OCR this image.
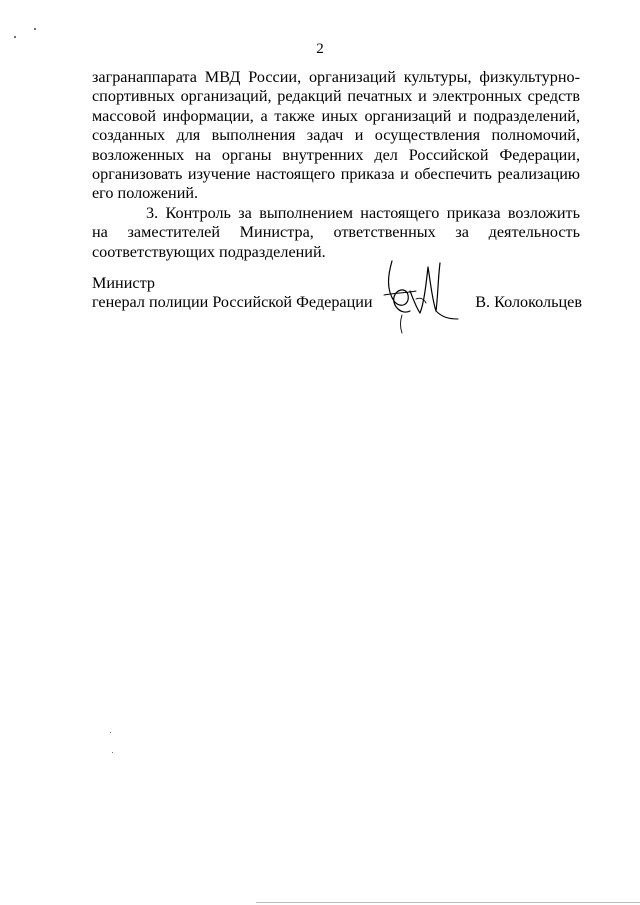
2

загранаппарата МВД России, организаций культуры, физкультурно-спортивных организаций, редакций печатных и электронных средств массовой информации, а также иных организаций и подразделений, созданных для выполнения задач и осуществления полномочий, возложенных на органы внутренних дел Российской Федерации, организовать изучение настоящего приказа и обеспечить реализацию его положений.

3. Контроль за выполнением настоящего приказа возложить на заместителей Министра, ответственных за деятельность соответствующих подразделений.

Министр
генерал полиции Российской Федерации	В. Колокольцев
